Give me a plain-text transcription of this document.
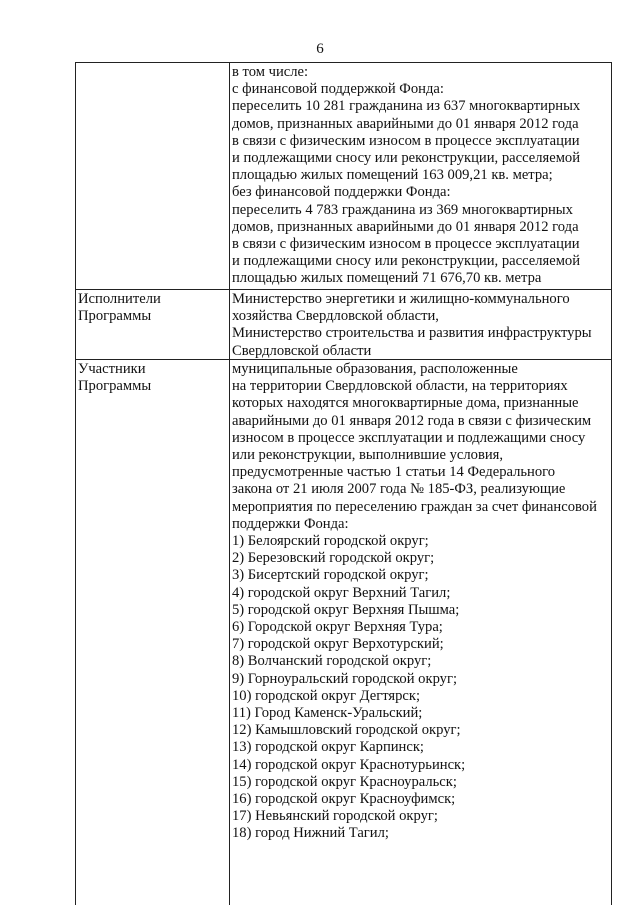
6
в том числе:
с финансовой поддержкой Фонда:
переселить 10 281 гражданина из 637 многоквартирных
домов, признанных аварийными до 01 января 2012 года
в связи с физическим износом в процессе эксплуатации
и подлежащими сносу или реконструкции, расселяемой
площадью жилых помещений 163 009,21 кв. метра;
без финансовой поддержки Фонда:
переселить 4 783 гражданина из 369 многоквартирных
домов, признанных аварийными до 01 января 2012 года
в связи с физическим износом в процессе эксплуатации
и подлежащими сносу или реконструкции, расселяемой
площадью жилых помещений 71 676,70 кв. метра
Исполнители
Программы
Министерство энергетики и жилищно-коммунального
хозяйства Свердловской области,
Министерство строительства и развития инфраструктуры
Свердловской области
Участники
Программы
муниципальные образования, расположенные
на территории Свердловской области, на территориях
которых находятся многоквартирные дома, признанные
аварийными до 01 января 2012 года в связи с физическим
износом в процессе эксплуатации и подлежащими сносу
или реконструкции, выполнившие условия,
предусмотренные частью 1 статьи 14 Федерального
закона от 21 июля 2007 года № 185-ФЗ, реализующие
мероприятия по переселению граждан за счет финансовой
поддержки Фонда:
1) Белоярский городской округ;
2) Березовский городской округ;
3) Бисертский городской округ;
4) городской округ Верхний Тагил;
5) городской округ Верхняя Пышма;
6) Городской округ Верхняя Тура;
7) городской округ Верхотурский;
8) Волчанский городской округ;
9) Горноуральский городской округ;
10) городской округ Дегтярск;
11) Город Каменск-Уральский;
12) Камышловский городской округ;
13) городской округ Карпинск;
14) городской округ Краснотурьинск;
15) городской округ Красноуральск;
16) городской округ Красноуфимск;
17) Невьянский городской округ;
18) город Нижний Тагил;
